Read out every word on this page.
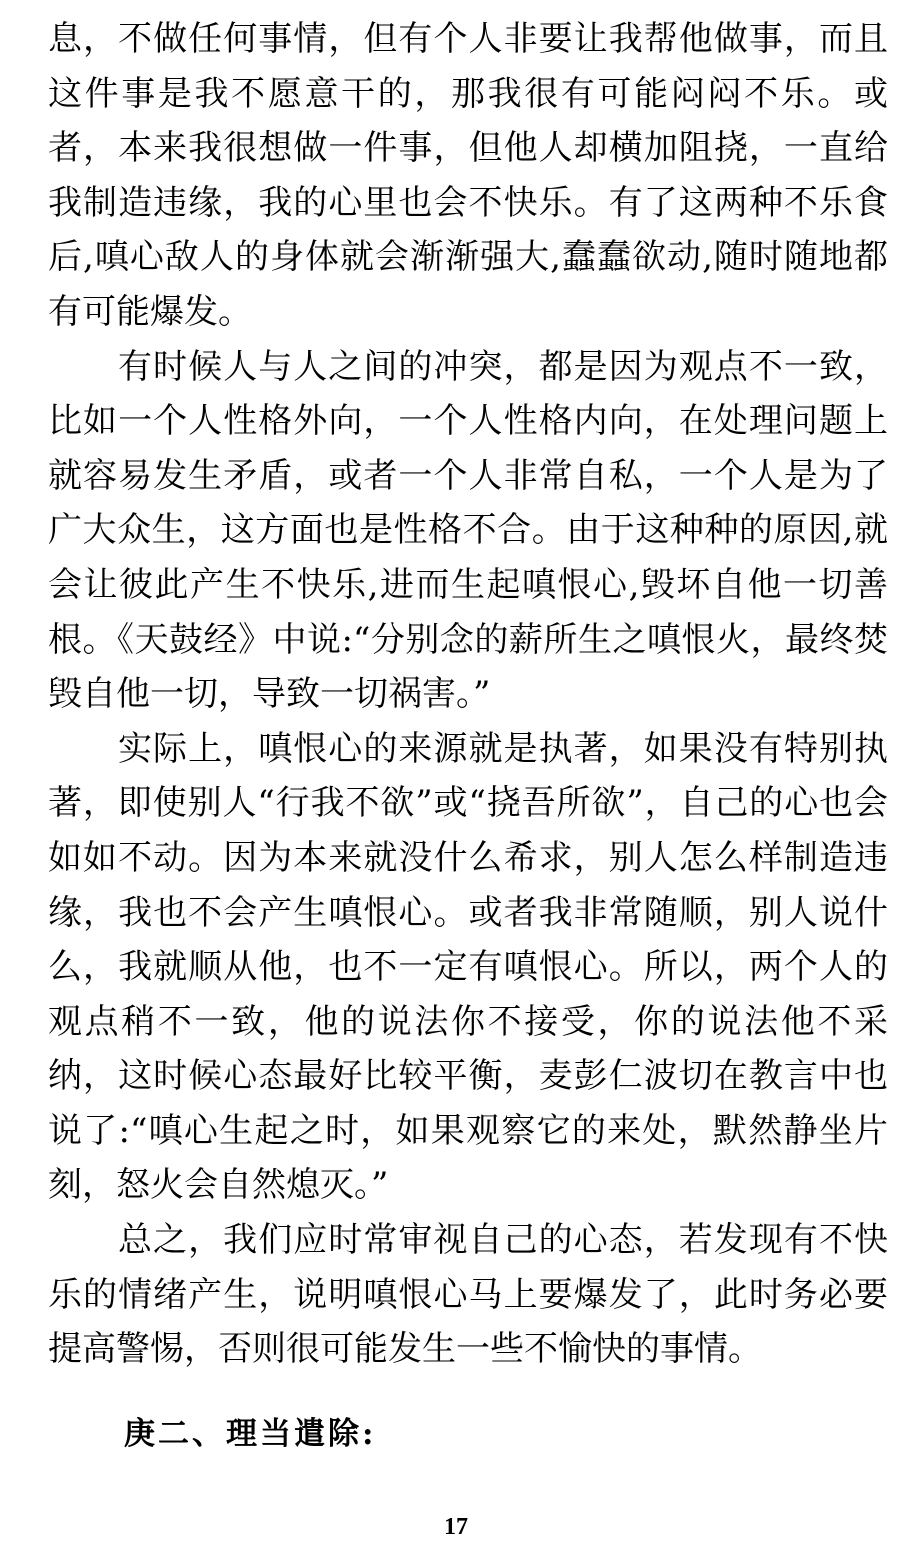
息，不做任何事情，但有个人非要让我帮他做事，而且这件事是我不愿意干的，那我很有可能闷闷不乐。或者，本来我很想做一件事，但他人却横加阻挠，一直给我制造违缘，我的心里也会不快乐。有了这两种不乐食后,嗔心敌人的身体就会渐渐强大,蠢蠢欲动,随时随地都有可能爆发。

有时候人与人之间的冲突，都是因为观点不一致，比如一个人性格外向，一个人性格内向，在处理问题上就容易发生矛盾，或者一个人非常自私，一个人是为了广大众生，这方面也是性格不合。由于这种种的原因,就会让彼此产生不快乐,进而生起嗔恨心,毁坏自他一切善根。《天鼓经》中说:“分别念的薪所生之嗔恨火，最终焚毁自他一切，导致一切祸害。”

实际上，嗔恨心的来源就是执著，如果没有特别执著，即使别人“行我不欲”或“挠吾所欲”，自己的心也会如如不动。因为本来就没什么希求，别人怎么样制造违缘，我也不会产生嗔恨心。或者我非常随顺，别人说什么，我就顺从他，也不一定有嗔恨心。所以，两个人的观点稍不一致，他的说法你不接受，你的说法他不采纳，这时候心态最好比较平衡，麦彭仁波切在教言中也说了:“嗔心生起之时，如果观察它的来处，默然静坐片刻，怒火会自然熄灭。”

总之，我们应时常审视自己的心态，若发现有不快乐的情绪产生，说明嗔恨心马上要爆发了，此时务必要提高警惕，否则很可能发生一些不愉快的事情。

庚二、理当遣除:
17
